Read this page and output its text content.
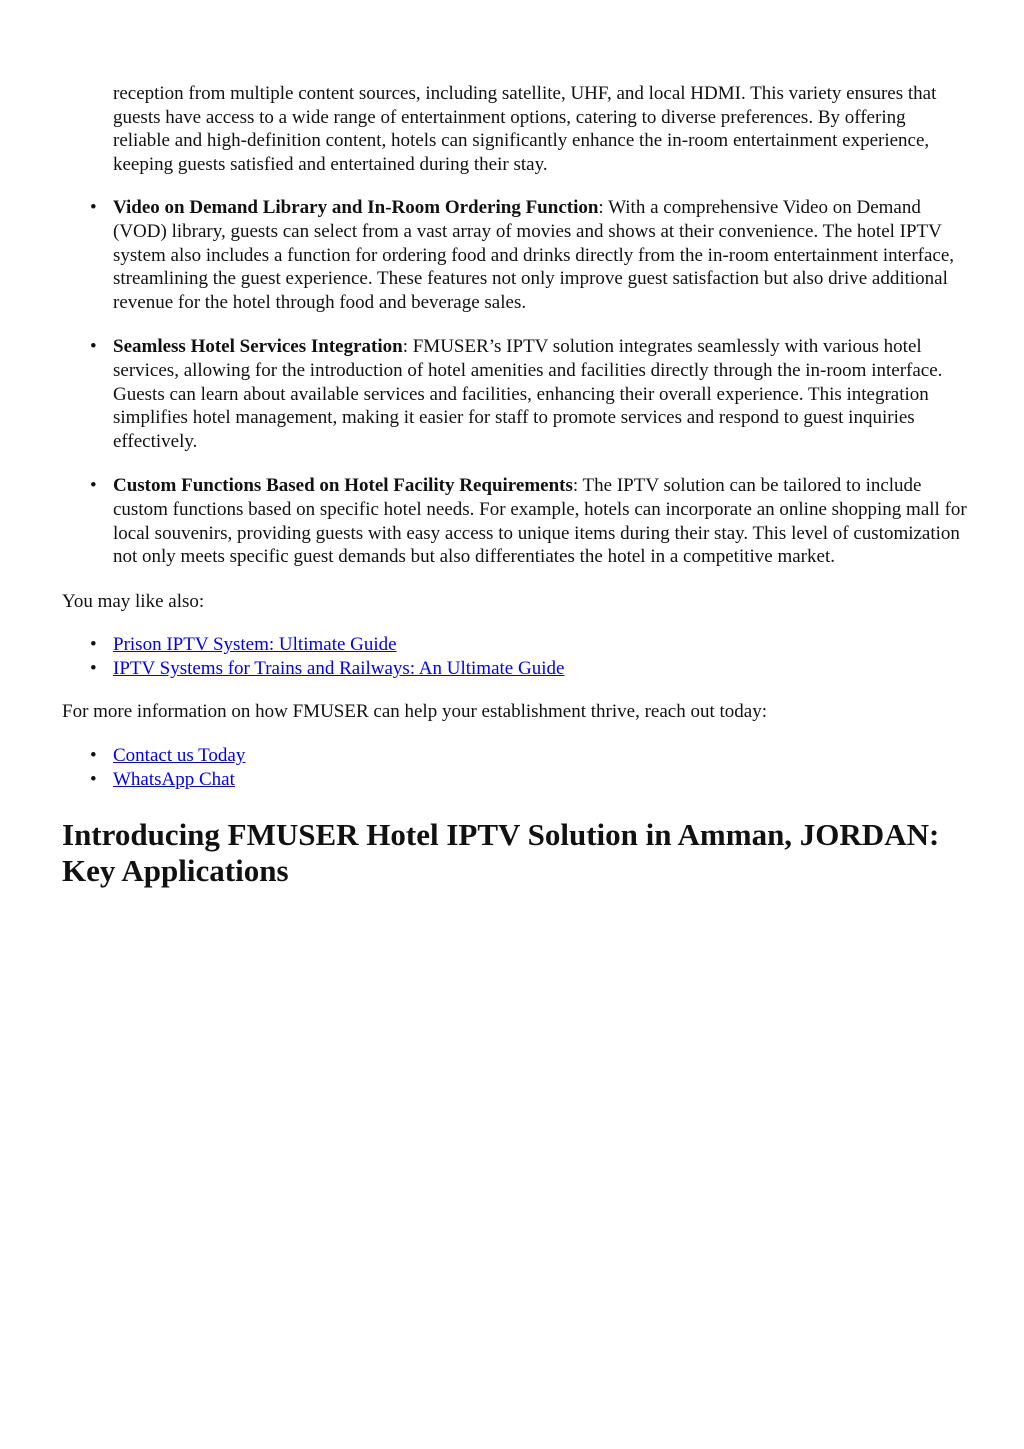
reception from multiple content sources, including satellite, UHF, and local HDMI. This variety ensures that guests have access to a wide range of entertainment options, catering to diverse preferences. By offering reliable and high-definition content, hotels can significantly enhance the in-room entertainment experience, keeping guests satisfied and entertained during their stay.
• Video on Demand Library and In-Room Ordering Function: With a comprehensive Video on Demand (VOD) library, guests can select from a vast array of movies and shows at their convenience. The hotel IPTV system also includes a function for ordering food and drinks directly from the in-room entertainment interface, streamlining the guest experience. These features not only improve guest satisfaction but also drive additional revenue for the hotel through food and beverage sales.
• Seamless Hotel Services Integration: FMUSER’s IPTV solution integrates seamlessly with various hotel services, allowing for the introduction of hotel amenities and facilities directly through the in-room interface. Guests can learn about available services and facilities, enhancing their overall experience. This integration simplifies hotel management, making it easier for staff to promote services and respond to guest inquiries effectively.
• Custom Functions Based on Hotel Facility Requirements: The IPTV solution can be tailored to include custom functions based on specific hotel needs. For example, hotels can incorporate an online shopping mall for local souvenirs, providing guests with easy access to unique items during their stay. This level of customization not only meets specific guest demands but also differentiates the hotel in a competitive market.

You may like also:

• Prison IPTV System: Ultimate Guide
• IPTV Systems for Trains and Railways: An Ultimate Guide

For more information on how FMUSER can help your establishment thrive, reach out today:

• Contact us Today
• WhatsApp Chat
Introducing FMUSER Hotel IPTV Solution in Amman, JORDAN: Key Applications
